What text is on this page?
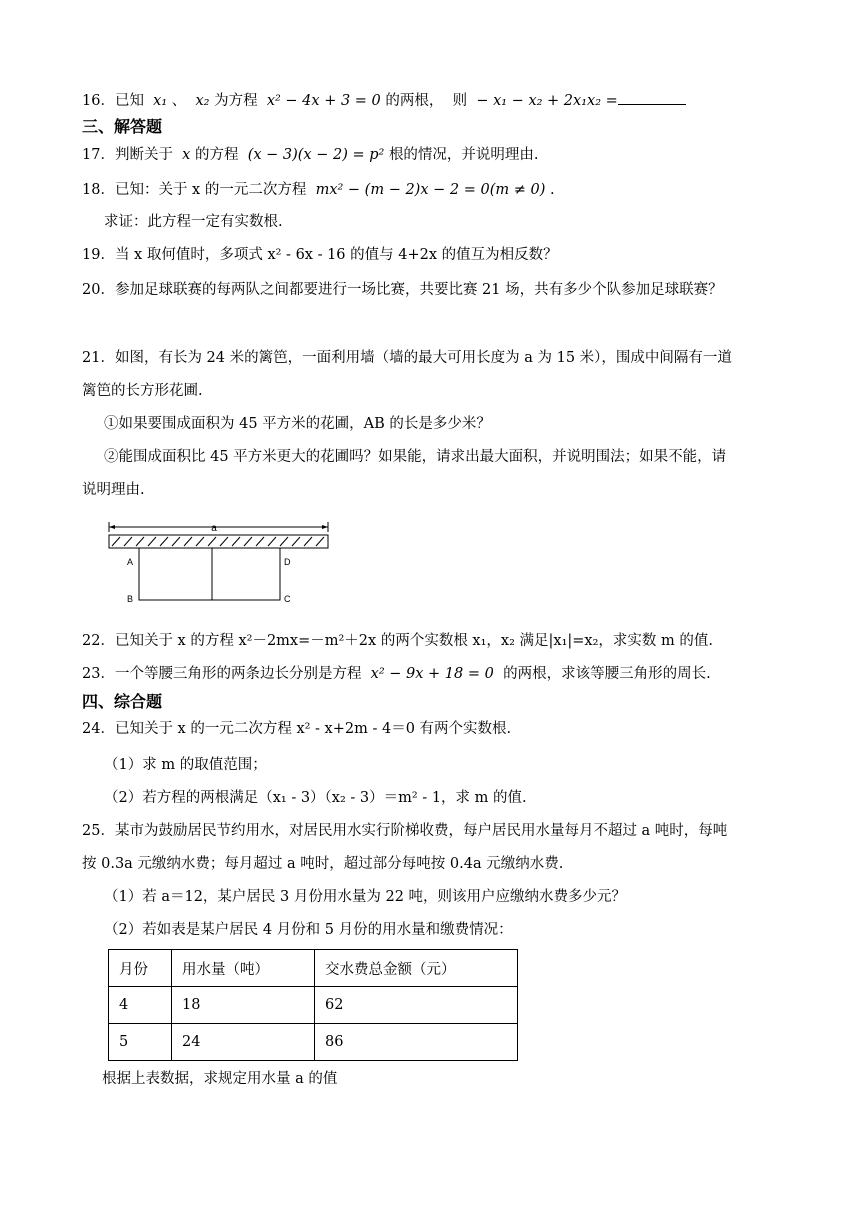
16．已知 x₁ 、 x₂ 为方程 x² − 4x + 3 = 0 的两根， 则 − x₁ − x₂ + 2x₁x₂ =
三、解答题
17．判断关于 x 的方程 (x − 3)(x − 2) = p² 根的情况，并说明理由.
18．已知：关于 x 的一元二次方程 mx² − (m − 2)x − 2 = 0(m ≠ 0) .
求证：此方程一定有实数根.
19．当 x 取何值时，多项式 x² - 6x - 16 的值与 4+2x 的值互为相反数？
20．参加足球联赛的每两队之间都要进行一场比赛，共要比赛 21 场，共有多少个队参加足球联赛？
21．如图，有长为 24 米的篱笆，一面利用墙（墙的最大可用长度为 a 为 15 米），围成中间隔有一道
篱笆的长方形花圃.
①如果要围成面积为 45 平方米的花圃，AB 的长是多少米？
②能围成面积比 45 平方米更大的花圃吗？如果能，请求出最大面积，并说明围法；如果不能，请
说明理由.
a
A
B	C
D
22．已知关于 x 的方程 x²－2mx=－m²＋2x 的两个实数根 x₁，x₂ 满足|x₁|=x₂，求实数 m 的值.
23．一个等腰三角形的两条边长分别是方程 x² − 9x + 18 = 0 的两根，求该等腰三角形的周长.
四、综合题
24．已知关于 x 的一元二次方程 x² - x+2m - 4＝0 有两个实数根.
（1）求 m 的取值范围；
（2）若方程的两根满足（x₁ - 3）（x₂ - 3）＝m² - 1，求 m 的值.
25．某市为鼓励居民节约用水，对居民用水实行阶梯收费，每户居民用水量每月不超过 a 吨时，每吨
按 0.3a 元缴纳水费；每月超过 a 吨时，超过部分每吨按 0.4a 元缴纳水费.
（1）若 a＝12，某户居民 3 月份用水量为 22 吨，则该用户应缴纳水费多少元？
（2）若如表是某户居民 4 月份和 5 月份的用水量和缴费情况：
月份	用水量（吨）	交水费总金额（元）
4	18	62
5	24	86
根据上表数据，求规定用水量 a 的值
